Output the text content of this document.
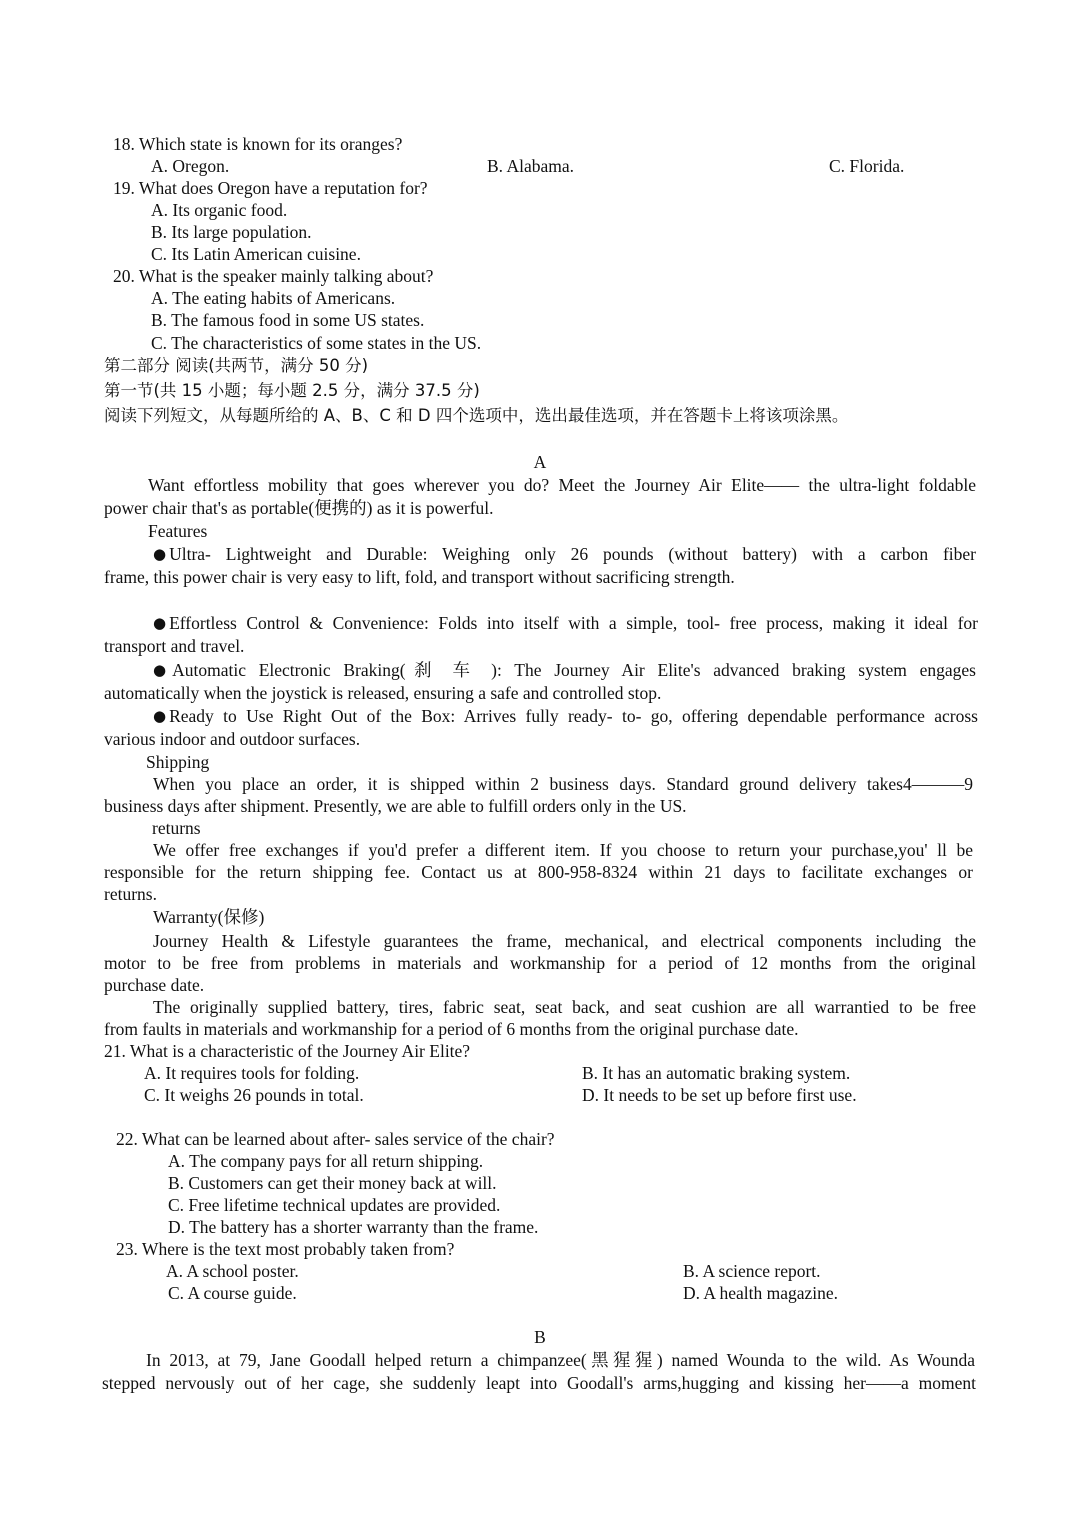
18. Which state is known for its oranges?
A. Oregon.	B. Alabama.	C. Florida.
19. What does Oregon have a reputation for?
A. Its organic food.
B. Its large population.
C. Its Latin American cuisine.
20. What is the speaker mainly talking about?
A. The eating habits of Americans.
B. The famous food in some US states.
C. The characteristics of some states in the US.
第二部分 阅读(共两节，满分 50 分)
第一节(共 15 小题；每小题 2.5 分，满分 37.5 分)
阅读下列短文，从每题所给的 A、B、C 和 D 四个选项中，选出最佳选项，并在答题卡上将该项涂黑。
A
Want effortless mobility that goes wherever you do? Meet the Journey Air Elite—— the ultra-light foldable
power chair that's as portable(便携的) as it is powerful.
Features
● Ultra- Lightweight and Durable: Weighing only 26 pounds (without battery) with a carbon fiber
frame, this power chair is very easy to lift, fold, and transport without sacrificing strength.
● Effortless Control & Convenience: Folds into itself with a simple, tool- free process, making it ideal for
transport and travel.
● Automatic Electronic Braking(刹 车 ): The Journey Air Elite's advanced braking system engages
automatically when the joystick is released, ensuring a safe and controlled stop.
● Ready to Use Right Out of the Box: Arrives fully ready- to- go, offering dependable performance across
various indoor and outdoor surfaces.
Shipping
When you place an order, it is shipped within 2 business days. Standard ground delivery takes4———9
business days after shipment. Presently, we are able to fulfill orders only in the US.
returns
We offer free exchanges if you'd prefer a different item. If you choose to return your purchase,you' ll be
responsible for the return shipping fee. Contact us at 800-958-8324 within 21 days to facilitate exchanges or
returns.
Warranty(保修)
Journey Health & Lifestyle guarantees the frame, mechanical, and electrical components including the
motor to be free from problems in materials and workmanship for a period of 12 months from the original
purchase date.
The originally supplied battery, tires, fabric seat, seat back, and seat cushion are all warrantied to be free
from faults in materials and workmanship for a period of 6 months from the original purchase date.
21. What is a characteristic of the Journey Air Elite?
A. It requires tools for folding.	B. It has an automatic braking system.
C. It weighs 26 pounds in total.	D. It needs to be set up before first use.
22. What can be learned about after- sales service of the chair?
A. The company pays for all return shipping.
B. Customers can get their money back at will.
C. Free lifetime technical updates are provided.
D. The battery has a shorter warranty than the frame.
23. Where is the text most probably taken from?
A. A school poster.	B. A science report.
C. A course guide.	D. A health magazine.
B
In 2013, at 79, Jane Goodall helped return a chimpanzee(黑猩猩) named Wounda to the wild. As Wounda
stepped nervously out of her cage, she suddenly leapt into Goodall's arms,hugging and kissing her——a moment
